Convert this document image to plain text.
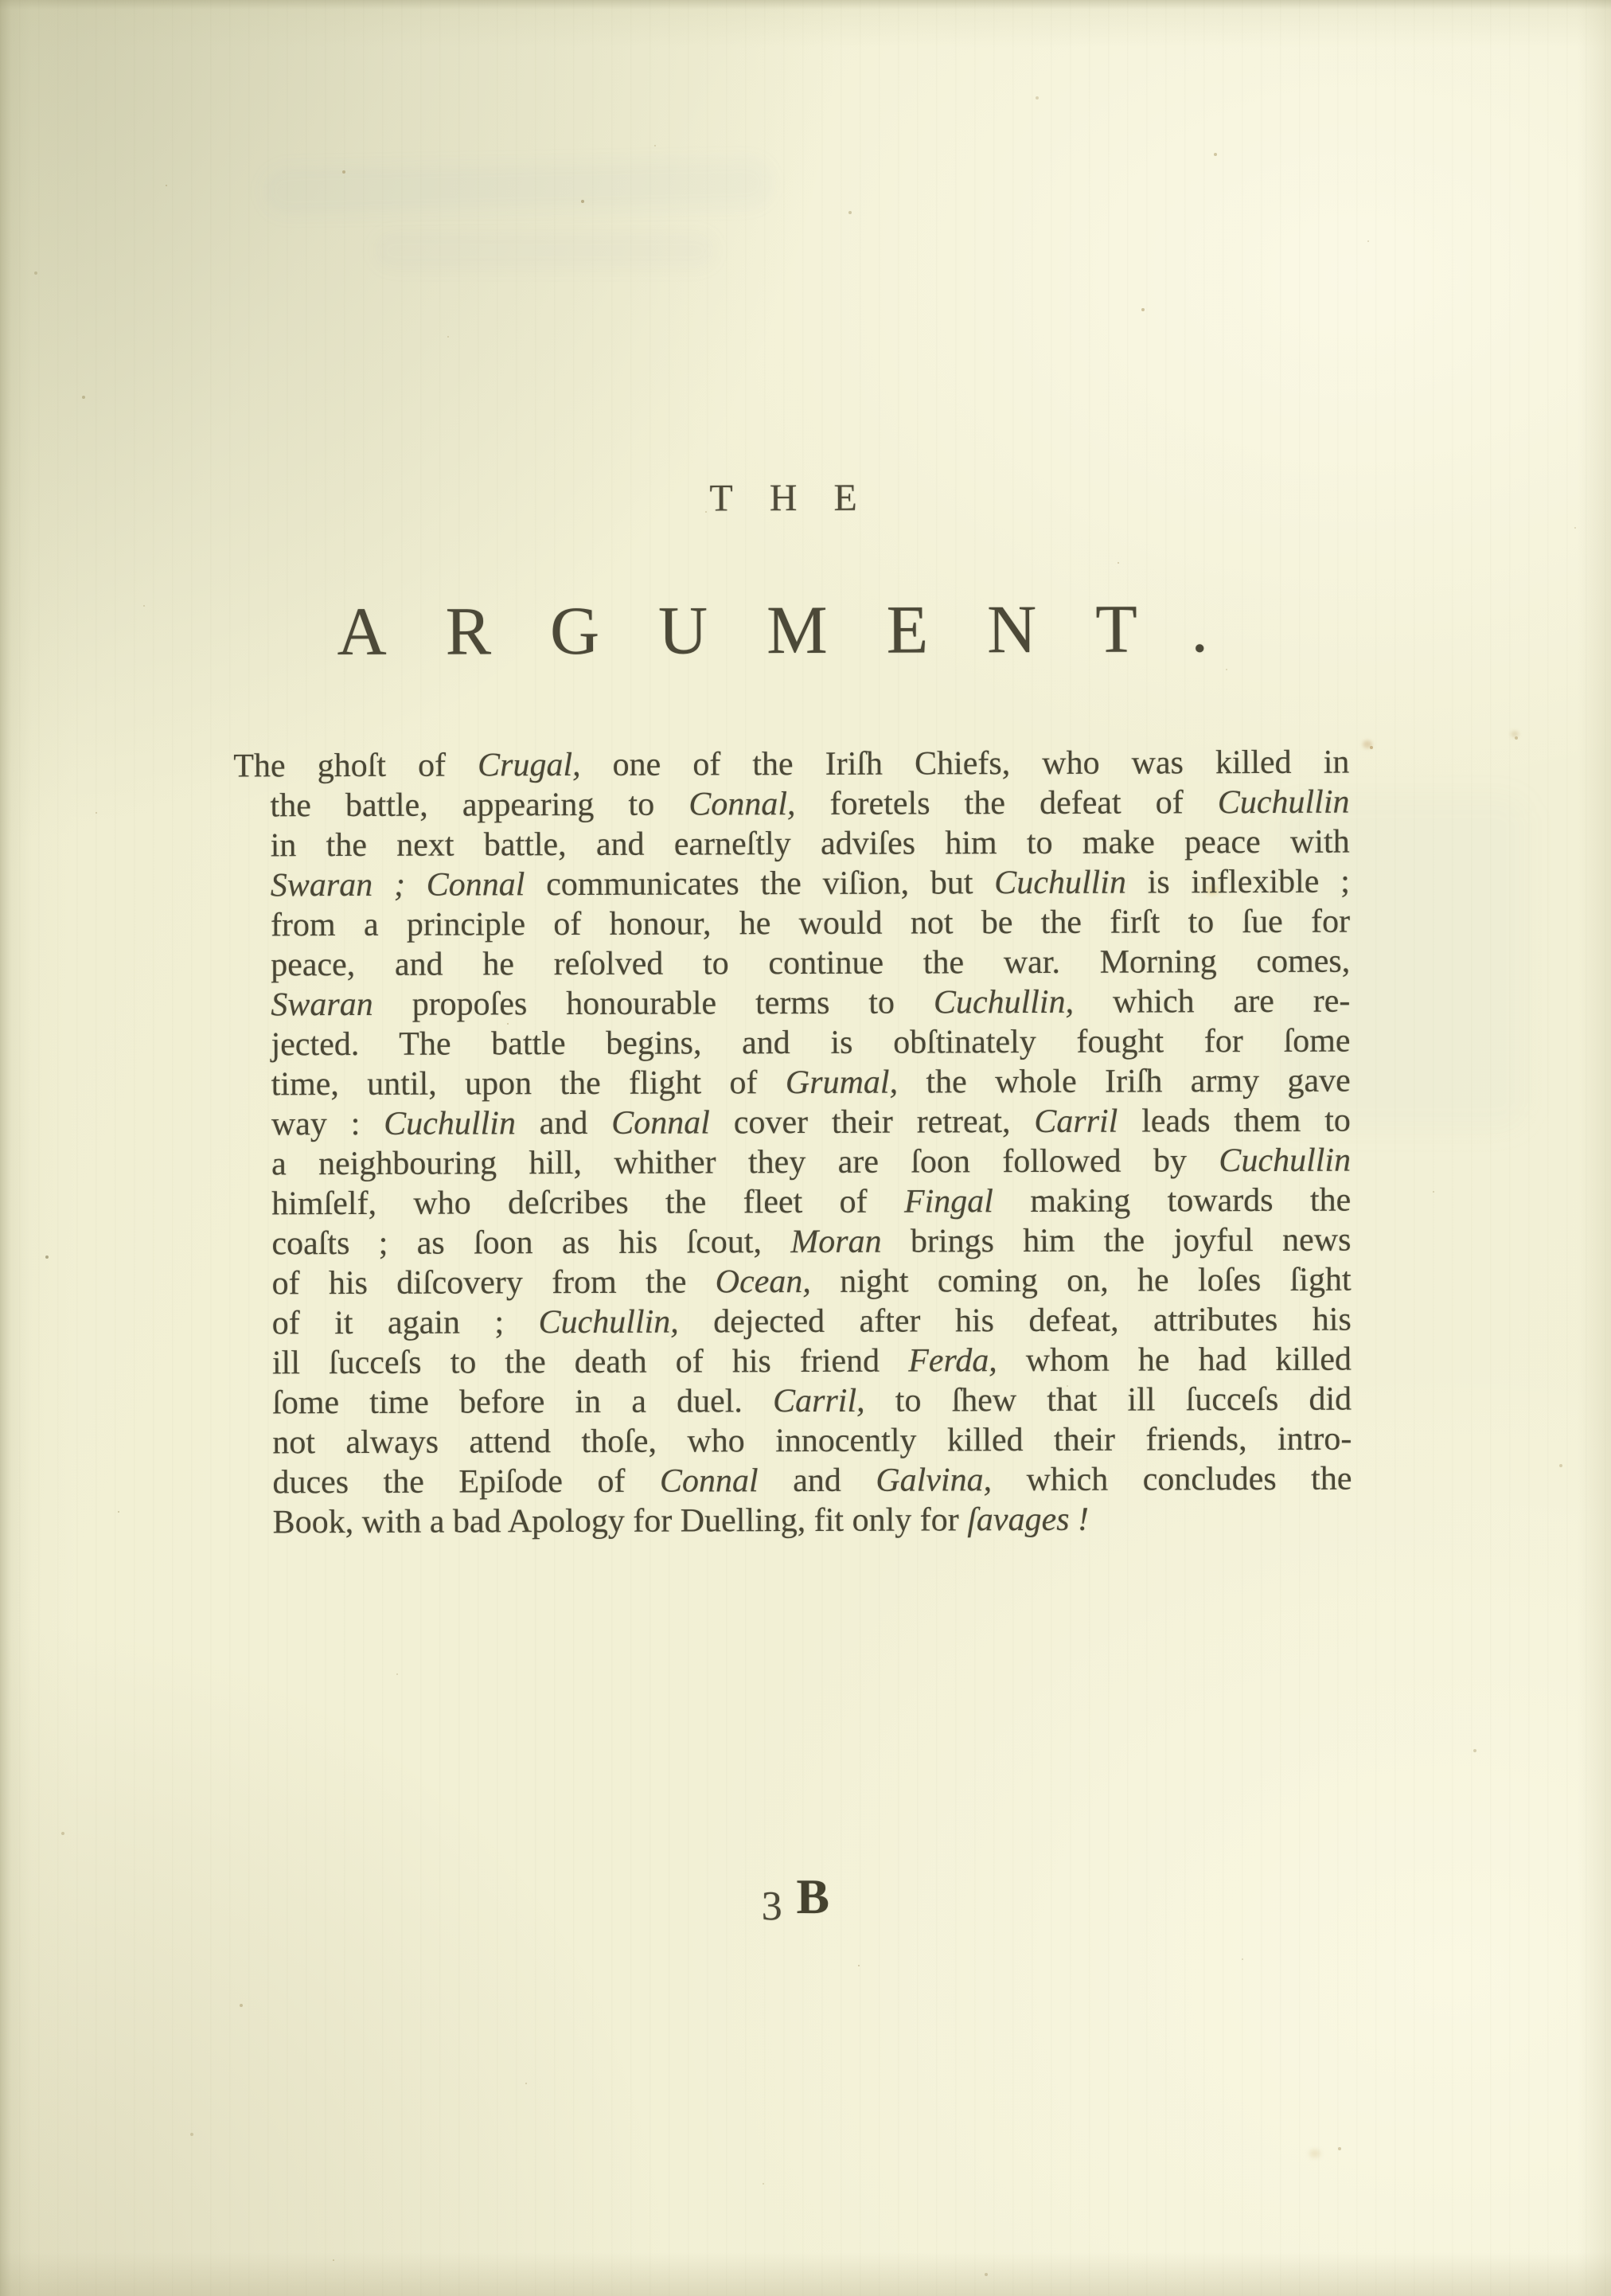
THE
ARGUMENT.
The ghoſt of Crugal, one of the Iriſh Chiefs, who was killed in
the battle, appearing to Connal, foretels the defeat of Cuchullin
in the next battle, and earneſtly adviſes him to make peace with
Swaran ; Connal communicates the viſion, but Cuchullin is inflexible ;
from a principle of honour, he would not be the firſt to ſue for
peace, and he reſolved to continue the war. Morning comes,
Swaran propoſes honourable terms to Cuchullin, which are re-
jected. The battle begins, and is obſtinately fought for ſome
time, until, upon the flight of Grumal, the whole Iriſh army gave
way : Cuchullin and Connal cover their retreat, Carril leads them to
a neighbouring hill, whither they are ſoon followed by Cuchullin
himſelf, who deſcribes the fleet of Fingal making towards the
coaſts ; as ſoon as his ſcout, Moran brings him the joyful news
of his diſcovery from the Ocean, night coming on, he loſes ſight
of it again ; Cuchullin, dejected after his defeat, attributes his
ill ſucceſs to the death of his friend Ferda, whom he had killed
ſome time before in a duel. Carril, to ſhew that ill ſucceſs did
not always attend thoſe, who innocently killed their friends, intro-
duces the Epiſode of Connal and Galvina, which concludes the
Book, with a bad Apology for Duelling, fit only for ſavages !
3 B
